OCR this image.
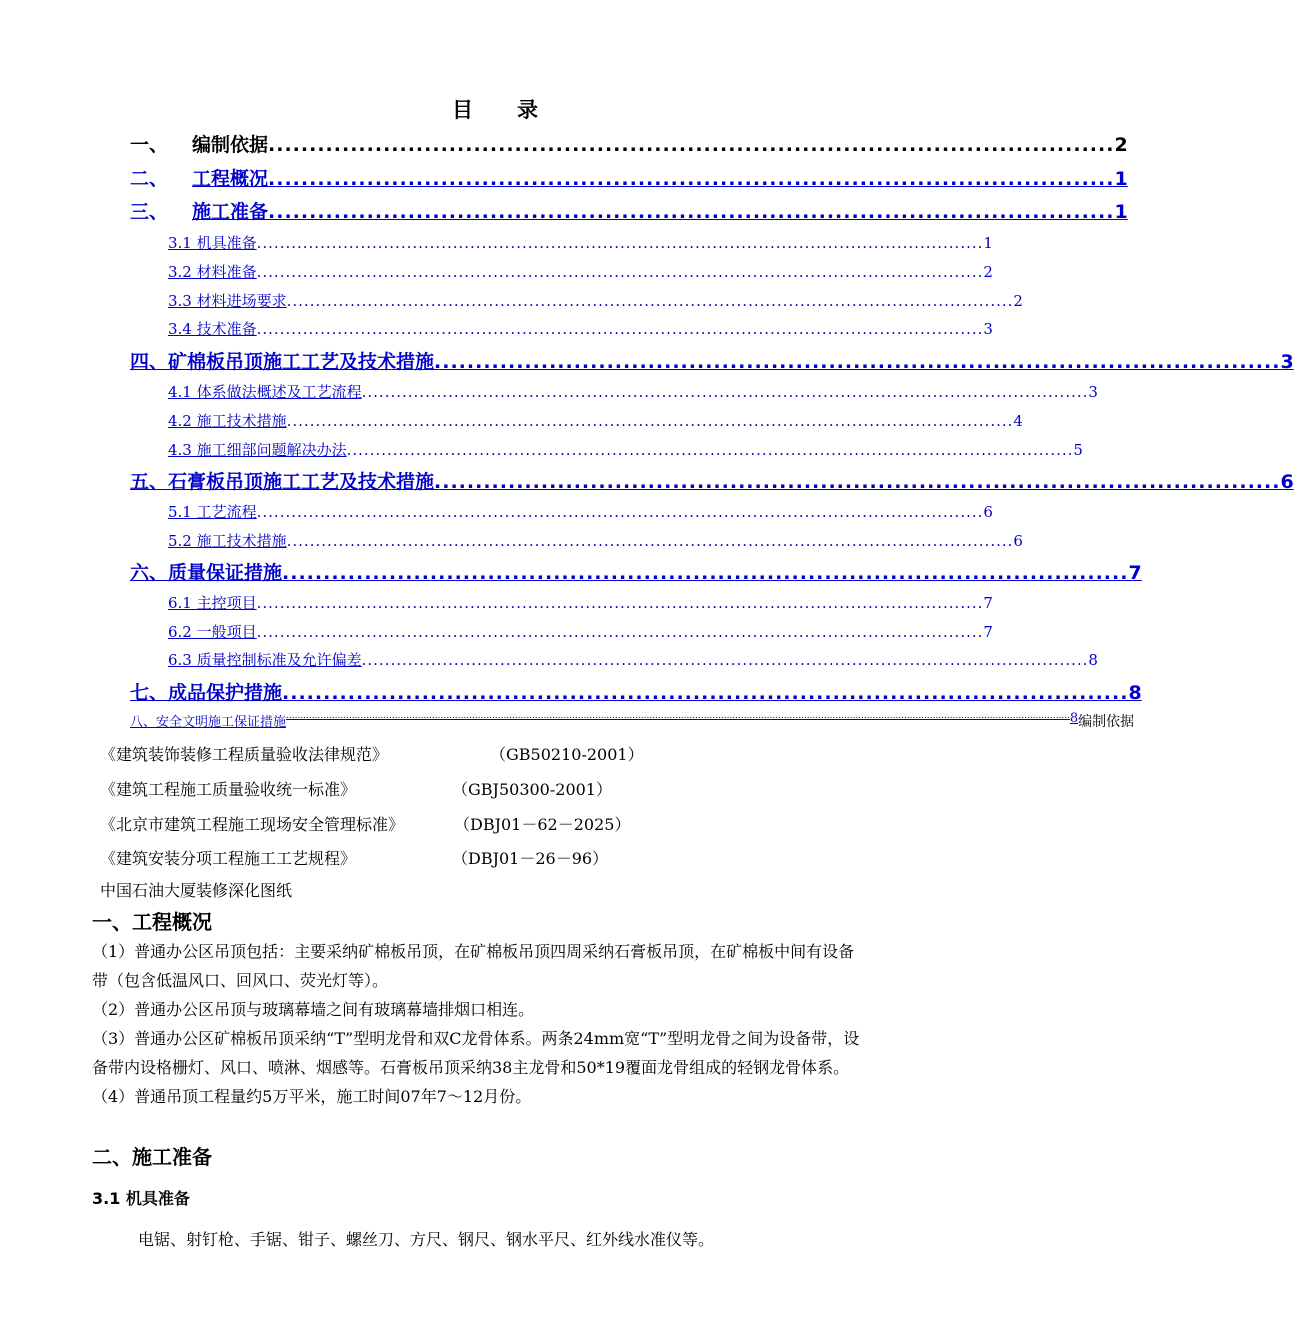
目 录
一、 编制依据 ....................................................................................................... 2
二、 工程概况 ....................................................................................................... 1
三、 施工准备 ....................................................................................................... 1
3.1 机具准备 .............................................................................................................................. 1
3.2 材料准备 .............................................................................................................................. 2
3.3 材料进场要求 .............................................................................................................................. 2
3.4 技术准备 .............................................................................................................................. 3
四、矿棉板吊顶施工工艺及技术措施 ....................................................................................................... 3
4.1 体系做法概述及工艺流程 .............................................................................................................................. 3
4.2 施工技术措施 .............................................................................................................................. 4
4.3 施工细部问题解决办法 .............................................................................................................................. 5
五、石膏板吊顶施工工艺及技术措施 ....................................................................................................... 6
5.1 工艺流程 .............................................................................................................................. 6
5.2 施工技术措施 .............................................................................................................................. 6
六、质量保证措施 ....................................................................................................... 7
6.1 主控项目 .............................................................................................................................. 7
6.2 一般项目 .............................................................................................................................. 7
6.3 质量控制标准及允许偏差 .............................................................................................................................. 8
七、成品保护措施 ....................................................................................................... 8
八、安全文明施工保证措施 .................................................................................................................................................................................................................................................................................. 8 编制依据
《建筑装饰装修工程质量验收法律规范》	（GB50210-2001）
《建筑工程施工质量验收统一标准》	（GBJ50300-2001）
《北京市建筑工程施工现场安全管理标准》	（DBJ01－62－2025）
《建筑安装分项工程施工工艺规程》	（DBJ01－26－96）
中国石油大厦装修深化图纸
一、工程概况

（1）普通办公区吊顶包括：主要采纳矿棉板吊顶，在矿棉板吊顶四周采纳石膏板吊顶，在矿棉板中间有设备带（包含低温风口、回风口、荧光灯等）。

（2）普通办公区吊顶与玻璃幕墙之间有玻璃幕墙排烟口相连。

（3）普通办公区矿棉板吊顶采纳“T”型明龙骨和双C龙骨体系。两条24mm宽“T”型明龙骨之间为设备带，设备带内设格栅灯、风口、喷淋、烟感等。石膏板吊顶采纳38主龙骨和50*19覆面龙骨组成的轻钢龙骨体系。

（4）普通吊顶工程量约5万平米，施工时间07年7～12月份。

二、施工准备
3.1 机具准备
电锯、射钉枪、手锯、钳子、螺丝刀、方尺、钢尺、钢水平尺、红外线水准仪等。
